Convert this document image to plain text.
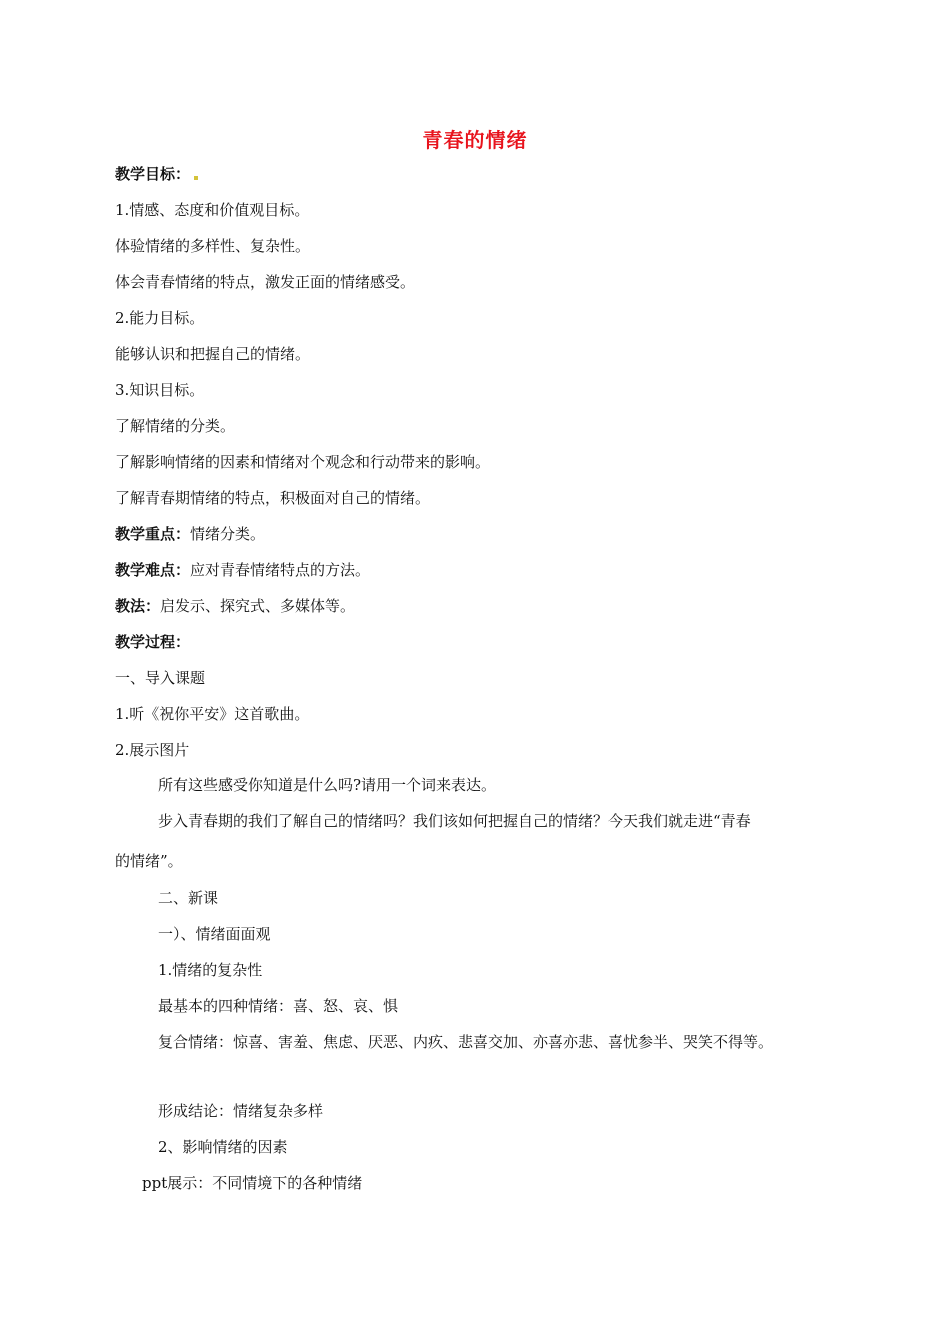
青春的情绪
教学目标：
1.情感、态度和价值观目标。
体验情绪的多样性、复杂性。
体会青春情绪的特点，激发正面的情绪感受。
2.能力目标。
能够认识和把握自己的情绪。
3.知识目标。
了解情绪的分类。
了解影响情绪的因素和情绪对个观念和行动带来的影响。
了解青春期情绪的特点，积极面对自己的情绪。
教学重点：情绪分类。
教学难点：应对青春情绪特点的方法。
教法：启发示、探究式、多媒体等。
教学过程：
一、导入课题
1.听《祝你平安》这首歌曲。
2.展示图片
所有这些感受你知道是什么吗?请用一个词来表达。
步入青春期的我们了解自己的情绪吗？我们该如何把握自己的情绪？今天我们就走进“青春
的情绪”。
二、新课
一）、情绪面面观
1.情绪的复杂性
最基本的四种情绪：喜、怒、哀、惧
复合情绪：惊喜、害羞、焦虑、厌恶、内疚、悲喜交加、亦喜亦悲、喜忧参半、哭笑不得等。
形成结论：情绪复杂多样
2、影响情绪的因素
ppt展示：不同情境下的各种情绪
